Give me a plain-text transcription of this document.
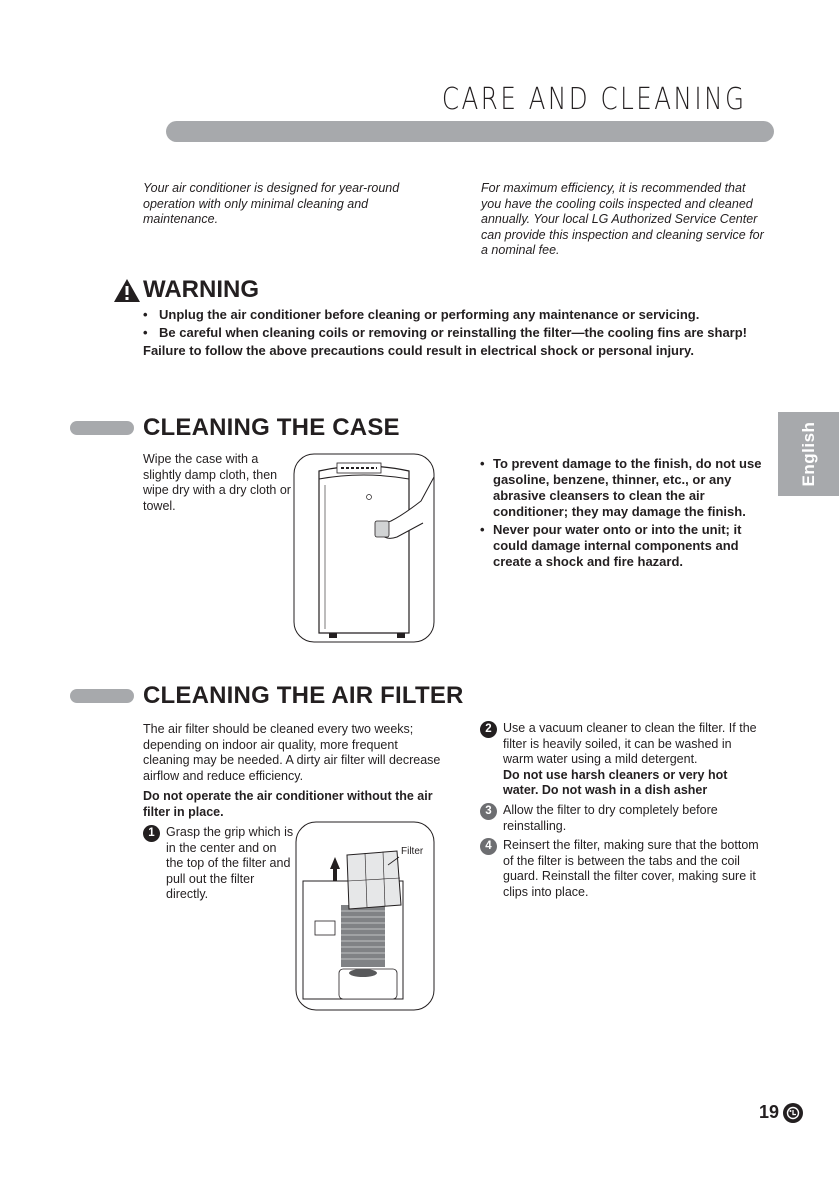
CARE AND CLEANING
Your air conditioner is designed for year-round operation with only minimal cleaning and maintenance.
For maximum efficiency, it is recommended that you have the cooling coils inspected and cleaned annually. Your local LG Authorized Service Center can provide this inspection and cleaning service for a nominal fee.
WARNING
• Unplug the air conditioner before cleaning or performing any maintenance or servicing.
• Be careful when cleaning coils or removing or reinstalling the filter—the cooling fins are sharp!
Failure to follow the above precautions could result in electrical shock or personal injury.
English
CLEANING THE CASE
Wipe the case with a slightly damp cloth, then wipe dry with a dry cloth or towel.
• To prevent damage to the finish, do not use gasoline, benzene, thinner, etc., or any abrasive cleansers to clean the air conditioner; they may damage the finish.
• Never pour water onto or into the unit; it could damage internal components and create a shock and fire hazard.
CLEANING THE AIR FILTER
The air filter should be cleaned every two weeks; depending on indoor air quality, more frequent cleaning may be needed. A dirty air filter will decrease airflow and reduce efficiency.
Do not operate the air conditioner without the air filter in place.
1 Grasp the grip which is in the center and on the top of the filter and pull out the filter directly.
Filter
2 Use a vacuum cleaner to clean the filter. If the filter is heavily soiled, it can be washed in warm water using a mild detergent.
Do not use harsh cleaners or very hot water. Do not wash in a dish asher
3 Allow the filter to dry completely before reinstalling.
4 Reinsert the filter, making sure that the bottom of the filter is between the tabs and the coil guard. Reinstall the filter cover, making sure it clips into place.
19
